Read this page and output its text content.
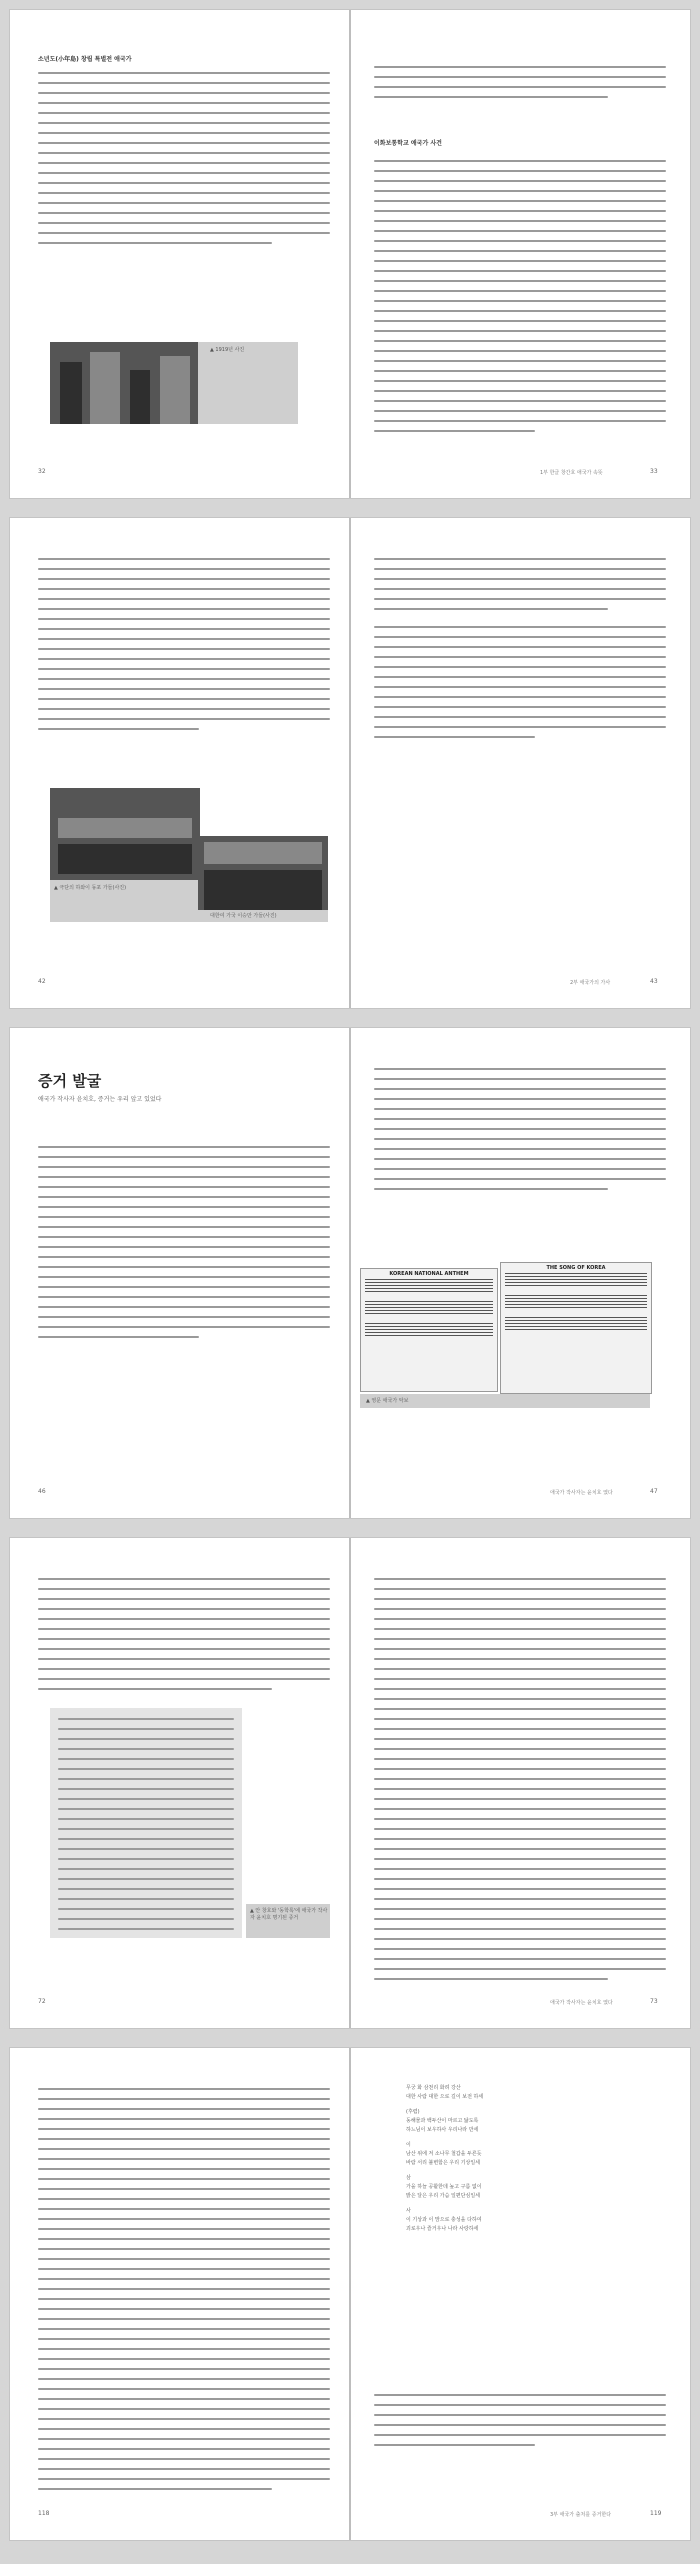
소년도(小年島) 창립 특별전 애국가
▲ 1919년 사진
32
이화보통학교 애국가 사건
1부 한글 창간호 애국가 속뜻	33
▲ 극단의 하와이 동포 가들(사진)
대한여 가국 이승만 가들(사진)
42	2부 애국가의 가사	43
증거 발굴
애국가 작사자 윤치호, 증거는 우리 앞고 있었다
46
KOREAN NATIONAL ANTHEM
THE SONG OF KOREA
▲ 영문 애국가 악보
애국가 작사자는 윤치호 였다	47
▲ 안 창호와 '동학록'에 애국가 작사자 윤치호 명기된 증거
72	애국가 작사자는 윤치호 였다	73
118
무궁 화 삼천리 화려 강산
대한 사람 대한 으로 길이 보전 하세
(후렴)
동해물과 백두산이 마르고 닳도록
하느님이 보우하사 우리나라 만세
이
남산 위에 저 소나무 철갑을 두른듯
바람 서리 불변함은 우리 기상일세
삼
가을 하늘 공활한데 높고 구름 없이
밝은 달은 우리 가슴 일편단심일세
사
이 기상과 이 맘으로 충성을 다하여
괴로우나 즐거우나 나라 사랑하세
3부 애국가 출처를 증거한다	119
